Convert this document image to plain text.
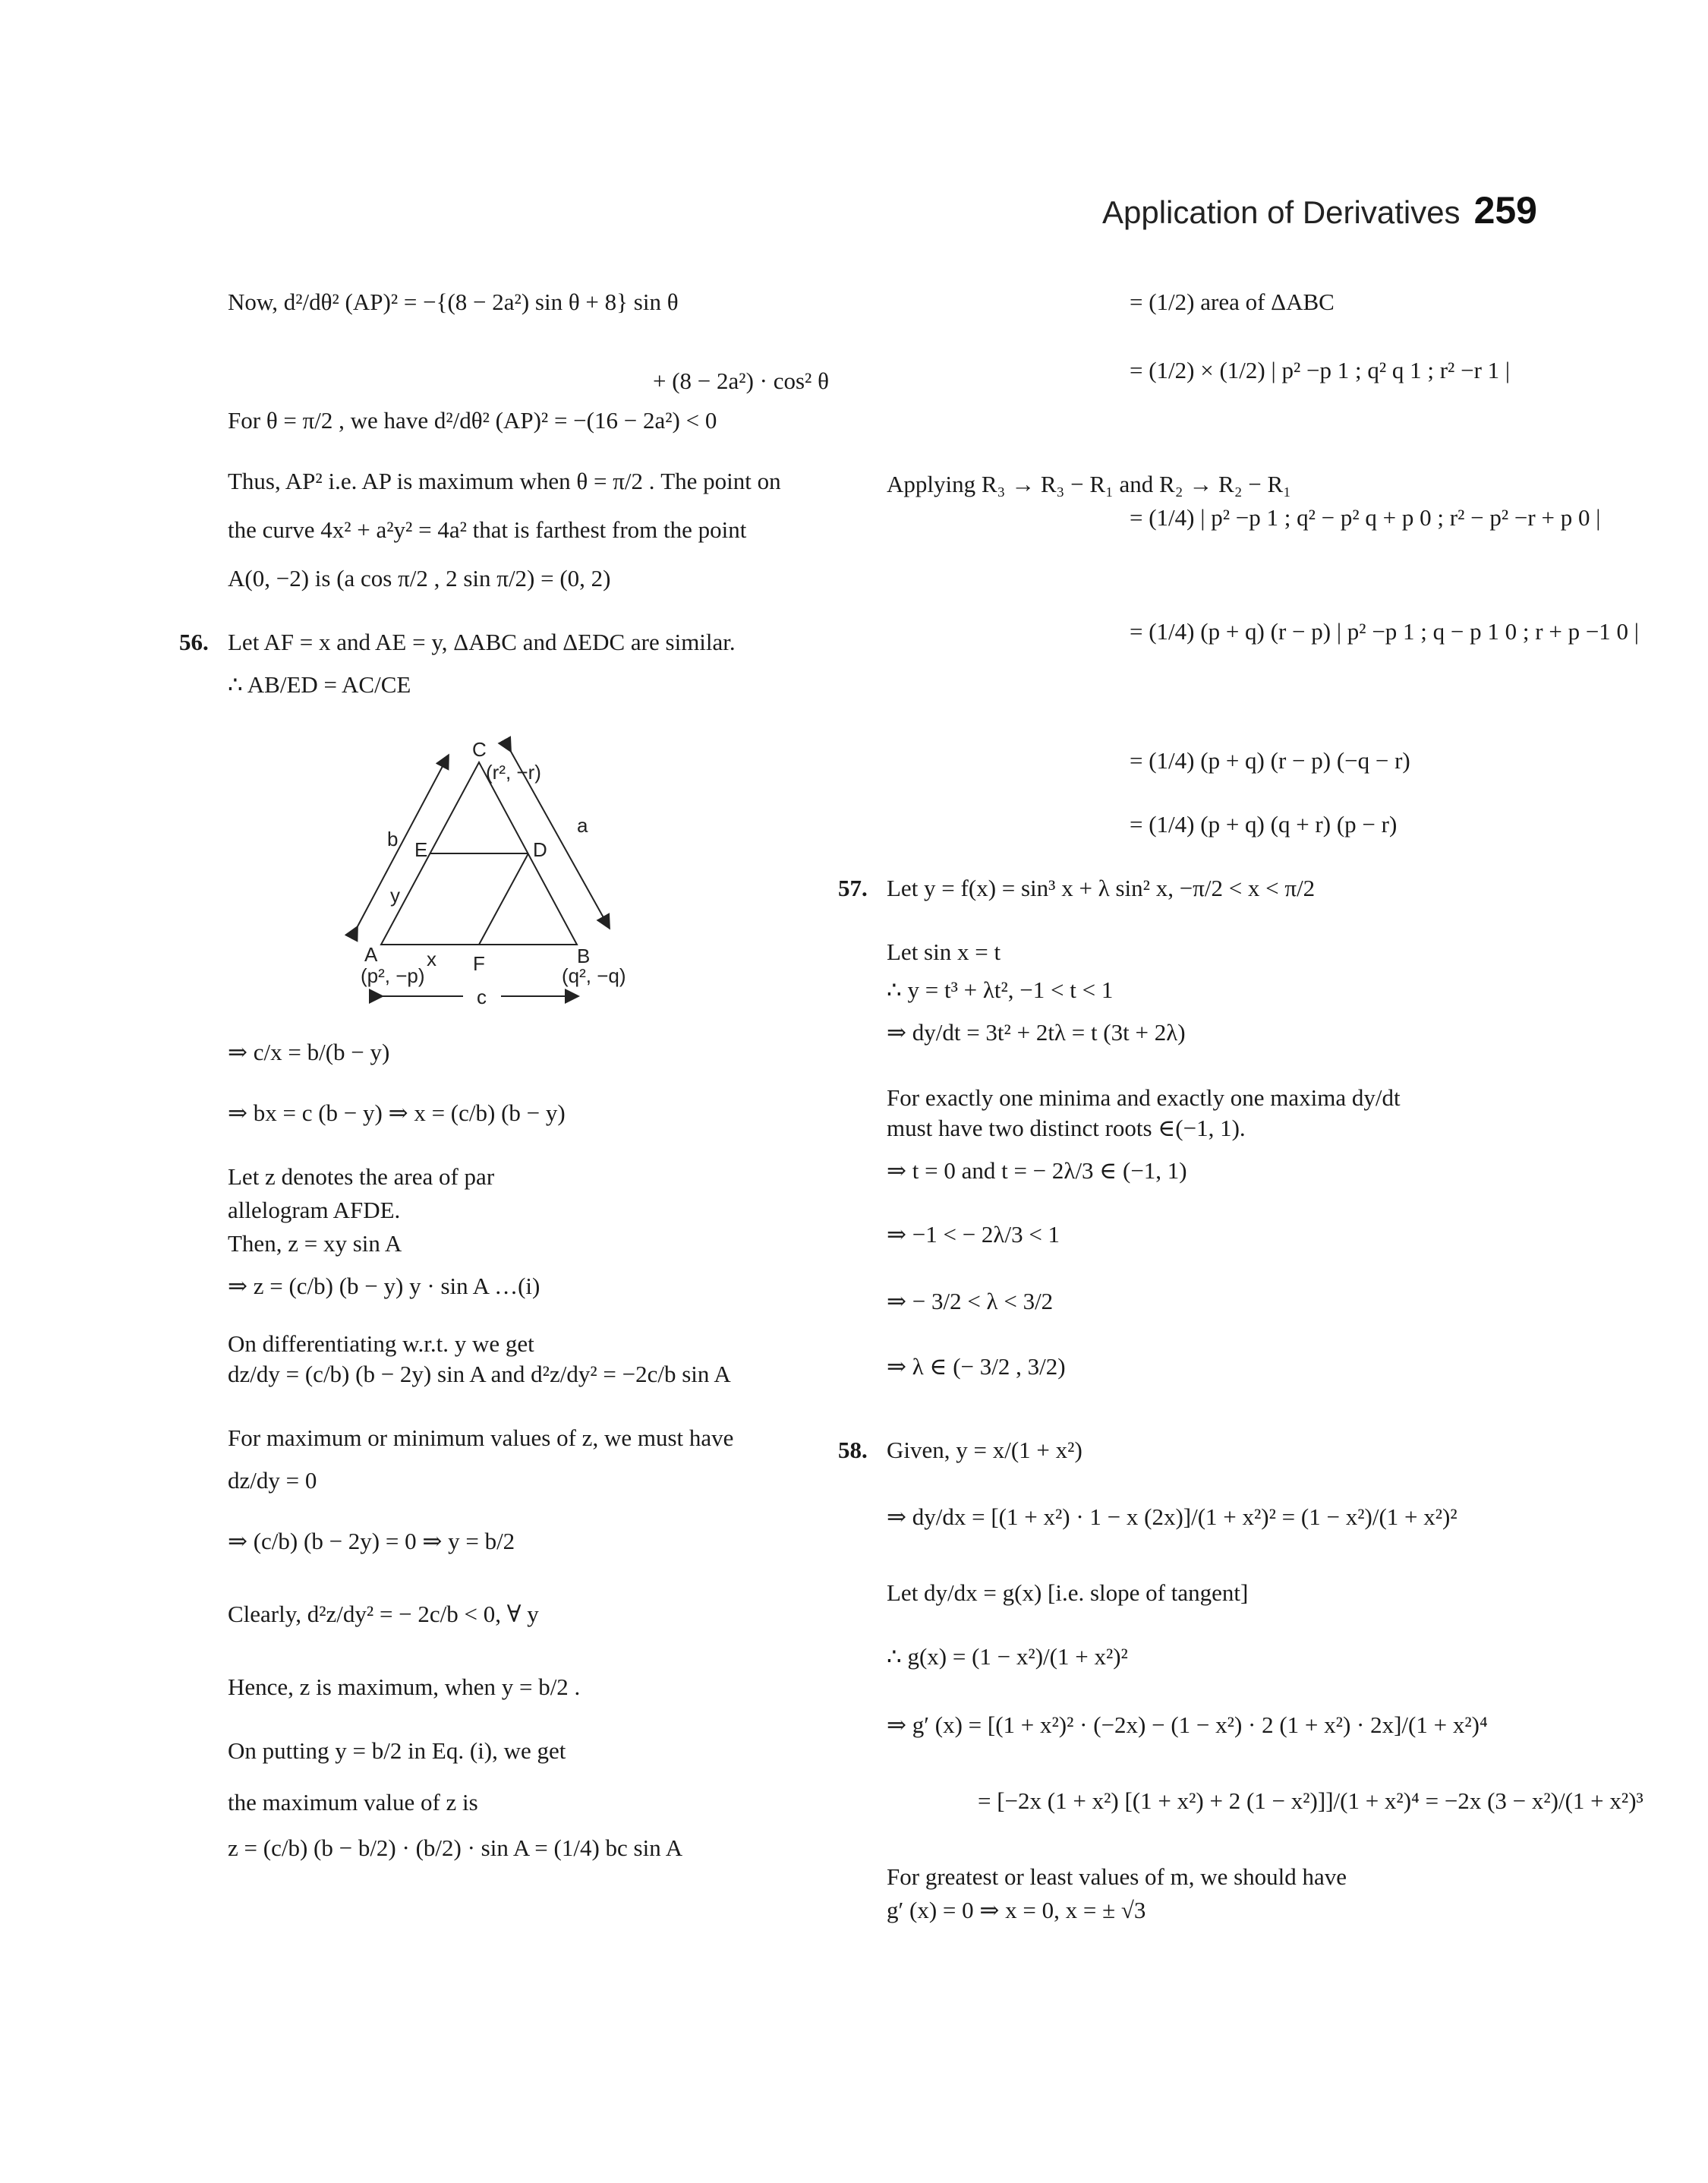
Application of Derivatives 259
Now, d²/dθ² (AP)² = −{(8 − 2a²) sin θ + 8} sin θ
+ (8 − 2a²) · cos² θ
For θ = π/2 , we have d²/dθ² (AP)² = −(16 − 2a²) < 0
Thus, AP² i.e. AP is maximum when θ = π/2 . The point on
the curve 4x² + a²y² = 4a² that is farthest from the point
A(0, −2) is (a cos π/2 , 2 sin π/2) = (0, 2)
56. Let AF = x and AE = y, ΔABC and ΔEDC are similar.
∴ AB/ED = AC/CE
C
(r², −r)
A
(p², −p)
B
(q², −q)
E	D
F
b
a
c
y
x
⇒ c/x = b/(b − y)
⇒ bx = c (b − y) ⇒ x = (c/b) (b − y)
Let z denotes the area of par
allelogram AFDE.
Then, z = xy sin A
⇒ z = (c/b) (b − y) y · sin A …(i)
On differentiating w.r.t. y we get
dz/dy = (c/b) (b − 2y) sin A and d²z/dy² = −2c/b sin A
For maximum or minimum values of z, we must have
dz/dy = 0
⇒ (c/b) (b − 2y) = 0 ⇒ y = b/2
Clearly, d²z/dy² = − 2c/b < 0, ∀ y
Hence, z is maximum, when y = b/2 .
On putting y = b/2 in Eq. (i), we get
the maximum value of z is
z = (c/b) (b − b/2) · (b/2) · sin A = (1/4) bc sin A
= (1/2) area of ΔABC
= (1/2) × (1/2) | p² −p 1 ; q² q 1 ; r² −r 1 |
Applying R₃ → R₃ − R₁ and R₂ → R₂ − R₁
= (1/4) | p² −p 1 ; q² − p² q + p 0 ; r² − p² −r + p 0 |
= (1/4) (p + q) (r − p) | p² −p 1 ; q − p 1 0 ; r + p −1 0 |
= (1/4) (p + q) (r − p) (−q − r)
= (1/4) (p + q) (q + r) (p − r)
57. Let y = f(x) = sin³ x + λ sin² x, −π/2 < x < π/2
Let sin x = t
∴ y = t³ + λt², −1 < t < 1
⇒ dy/dt = 3t² + 2tλ = t (3t + 2λ)
For exactly one minima and exactly one maxima dy/dt
must have two distinct roots ∈(−1, 1).
⇒ t = 0 and t = − 2λ/3 ∈ (−1, 1)
⇒ −1 < − 2λ/3 < 1
⇒ − 3/2 < λ < 3/2
⇒ λ ∈ (− 3/2 , 3/2)
58. Given, y = x/(1 + x²)
⇒ dy/dx = [(1 + x²) · 1 − x (2x)]/(1 + x²)² = (1 − x²)/(1 + x²)²
Let dy/dx = g(x) [i.e. slope of tangent]
∴ g(x) = (1 − x²)/(1 + x²)²
⇒ g′ (x) = [(1 + x²)² · (−2x) − (1 − x²) · 2 (1 + x²) · 2x]/(1 + x²)⁴
= [−2x (1 + x²) [(1 + x²) + 2 (1 − x²)]]/(1 + x²)⁴ = −2x (3 − x²)/(1 + x²)³
For greatest or least values of m, we should have
g′ (x) = 0 ⇒ x = 0, x = ± √3
